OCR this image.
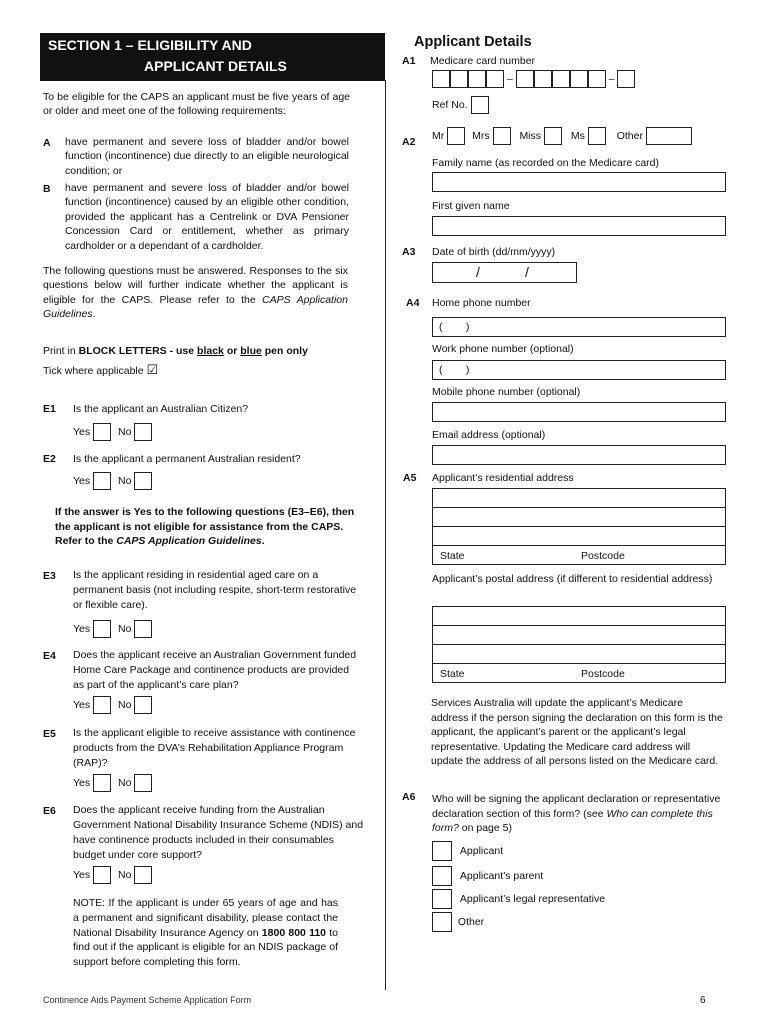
SECTION 1 – ELIGIBILITY AND
APPLICANT DETAILS
To be eligible for the CAPS an applicant must be five years of age or older and meet one of the following requirements:
A have permanent and severe loss of bladder and/or bowel function (incontinence) due directly to an eligible neurological condition; or
B have permanent and severe loss of bladder and/or bowel function (incontinence) caused by an eligible other condition, provided the applicant has a Centrelink or DVA Pensioner Concession Card or entitlement, whether as primary cardholder or a dependant of a cardholder.
The following questions must be answered. Responses to the six questions below will further indicate whether the applicant is eligible for the CAPS. Please refer to the CAPS Application Guidelines.
Print in BLOCK LETTERS - use black or blue pen only
Tick where applicable ☑
E1 Is the applicant an Australian Citizen?
Yes	No
E2 Is the applicant a permanent Australian resident?
Yes	No
If the answer is Yes to the following questions (E3–E6), then the applicant is not eligible for assistance from the CAPS. Refer to the CAPS Application Guidelines.
E3 Is the applicant residing in residential aged care on a permanent basis (not including respite, short-term restorative or flexible care).
Yes	No
E4 Does the applicant receive an Australian Government funded Home Care Package and continence products are provided as part of the applicant’s care plan?
Yes	No
E5 Is the applicant eligible to receive assistance with continence products from the DVA’s Rehabilitation Appliance Program (RAP)?
Yes	No
E6 Does the applicant receive funding from the Australian Government National Disability Insurance Scheme (NDIS) and have continence products included in their consumables budget under core support?
Yes	No
NOTE: If the applicant is under 65 years of age and has a permanent and significant disability, please contact the National Disability Insurance Agency on 1800 800 110 to find out if the applicant is eligible for an NDIS package of support before completing this form.
Applicant Details
A1 Medicare card number
–	–
Ref No.
A2 Mr	Mrs	Miss	Ms	Other
Family name (as recorded on the Medicare card)
First given name
A3 Date of birth (dd/mm/yyyy)
/	/
A4 Home phone number
(        )
Work phone number (optional)
(        )
Mobile phone number (optional)
Email address (optional)
A5 Applicant’s residential address
State	Postcode
Applicant’s postal address (if different to residential address)
State	Postcode
Services Australia will update the applicant’s Medicare address if the person signing the declaration on this form is the applicant, the applicant’s parent or the applicant’s legal representative. Updating the Medicare card address will update the address of all persons listed on the Medicare card.
A6 Who will be signing the applicant declaration or representative declaration section of this form? (see Who can complete this form? on page 5)
Applicant
Applicant’s parent
Applicant’s legal representative
Other
Continence Aids Payment Scheme Application Form	6
